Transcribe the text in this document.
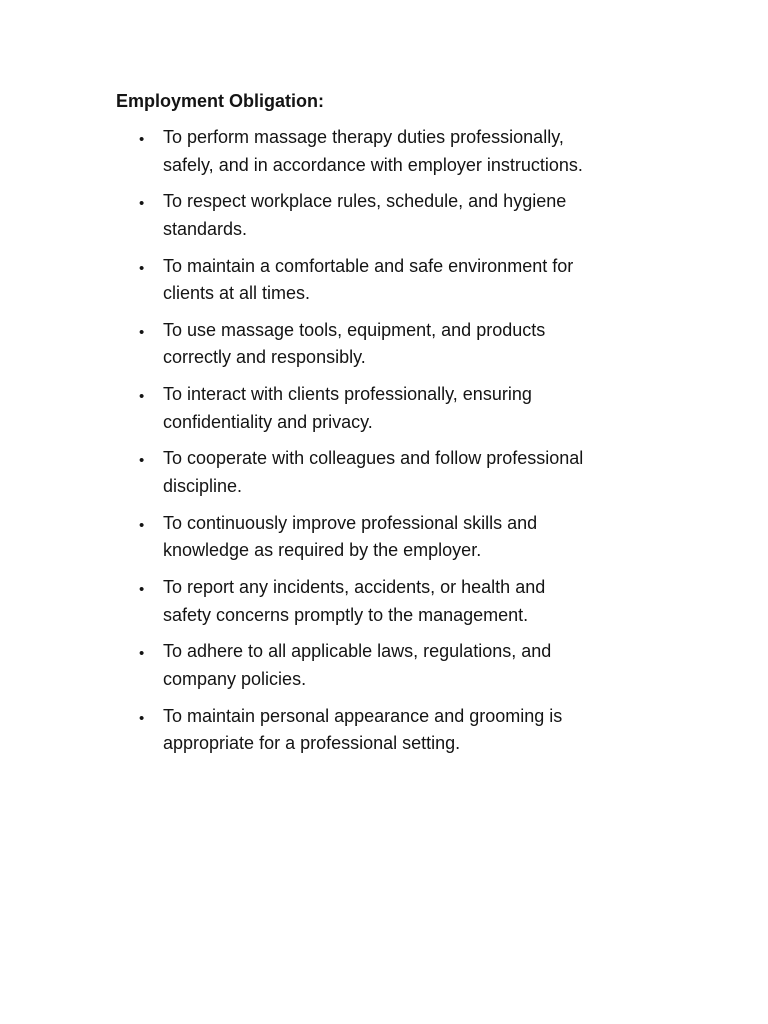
Employment Obligation:
• To perform massage therapy duties professionally,
safely, and in accordance with employer instructions.
• To respect workplace rules, schedule, and hygiene
standards.
• To maintain a comfortable and safe environment for
clients at all times.
• To use massage tools, equipment, and products
correctly and responsibly.
• To interact with clients professionally, ensuring
confidentiality and privacy.
• To cooperate with colleagues and follow professional
discipline.
• To continuously improve professional skills and
knowledge as required by the employer.
• To report any incidents, accidents, or health and
safety concerns promptly to the management.
• To adhere to all applicable laws, regulations, and
company policies.
• To maintain personal appearance and grooming is
appropriate for a professional setting.
